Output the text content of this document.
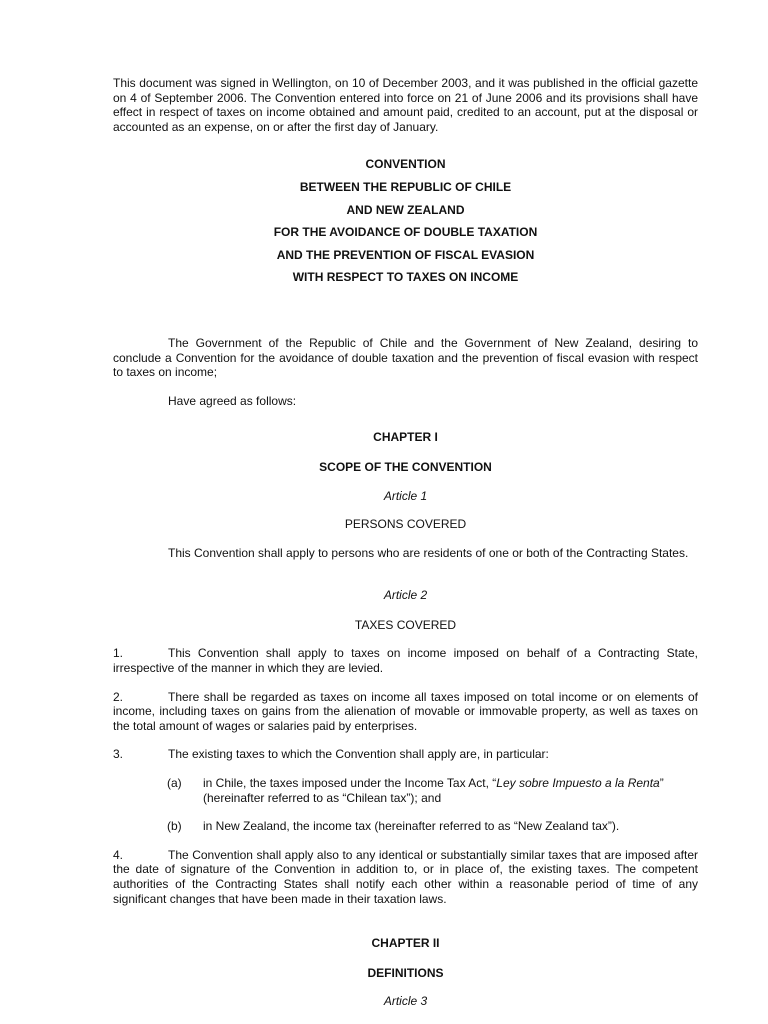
This document was signed in Wellington, on 10 of December 2003, and it was published in the official gazette on 4 of September 2006. The Convention entered into force on 21 of June 2006 and its provisions shall have effect in respect of taxes on income obtained and amount paid, credited to an account, put at the disposal or accounted as an expense, on or after the first day of January.

CONVENTION

BETWEEN THE REPUBLIC OF CHILE

AND NEW ZEALAND

FOR THE AVOIDANCE OF DOUBLE TAXATION

AND THE PREVENTION OF FISCAL EVASION

WITH RESPECT TO TAXES ON INCOME

The Government of the Republic of Chile and the Government of New Zealand, desiring to conclude a Convention for the avoidance of double taxation and the prevention of fiscal evasion with respect to taxes on income;

Have agreed as follows:

CHAPTER I

SCOPE OF THE CONVENTION

Article 1

PERSONS COVERED

This Convention shall apply to persons who are residents of one or both of the Contracting States.

Article 2

TAXES COVERED

1.	This Convention shall apply to taxes on income imposed on behalf of a Contracting State, irrespective of the manner in which they are levied.

2.	There shall be regarded as taxes on income all taxes imposed on total income or on elements of income, including taxes on gains from the alienation of movable or immovable property, as well as taxes on the total amount of wages or salaries paid by enterprises.

3.	The existing taxes to which the Convention shall apply are, in particular:

(a)	in Chile, the taxes imposed under the Income Tax Act, “Ley sobre Impuesto a la Renta” (hereinafter referred to as “Chilean tax”); and
(b)	in New Zealand, the income tax (hereinafter referred to as “New Zealand tax”).

4.	The Convention shall apply also to any identical or substantially similar taxes that are imposed after the date of signature of the Convention in addition to, or in place of, the existing taxes. The competent authorities of the Contracting States shall notify each other within a reasonable period of time of any significant changes that have been made in their taxation laws.

CHAPTER II

DEFINITIONS

Article 3
